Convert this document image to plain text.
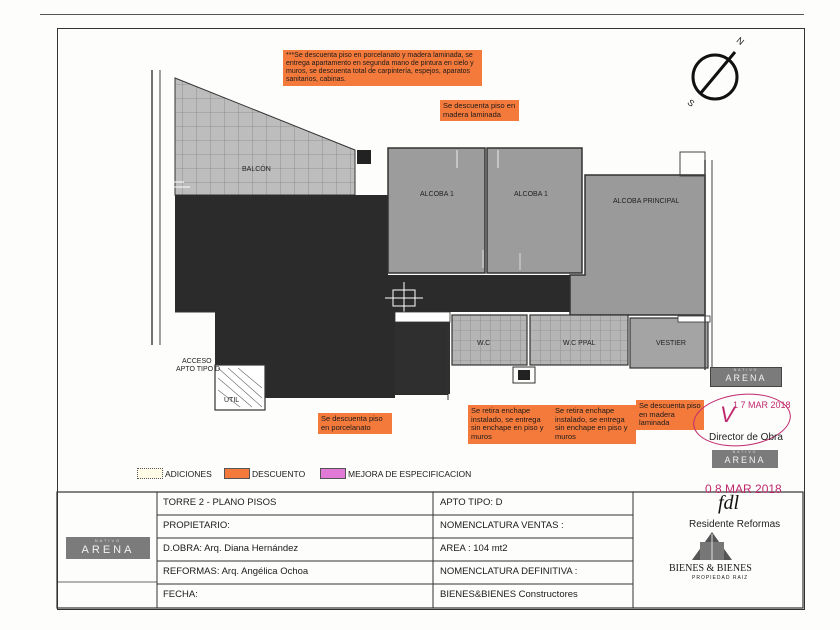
N
S
BALCÓN
ALCOBA 1	ALCOBA 1
ALCOBA PRINCIPAL
W.C	W.C PPAL	VESTIER
ACCESO
APTO TIPO D
UTIL
***Se descuenta piso en porcelanato y madera laminada, se entrega apartamento en segunda mano de pintura en cielo y muros, se descuenta total de carpintería, espejos, aparatos sanitarios, cabinas.
Se descuenta piso en madera laminada
Se descuenta piso en porcelanato
Se retira enchape instalado, se entrega sin enchape en piso y muros
Se retira enchape instalado, se entrega sin enchape en piso y muros
Se descuenta piso en madera laminada
ADICIONES	DESCUENTO	MEJORA DE ESPECIFICACION
TORRE 2 - PLANO PISOS	APTO TIPO: D
PROPIETARIO:	NOMENCLATURA VENTAS :
D.OBRA: Arq. Diana Hernández	AREA : 104 mt2
REFORMAS: Arq. Angélica Ochoa	NOMENCLATURA DEFINITIVA :
FECHA:	BIENES&BIENES Constructores
NATIVO
ARENA
BIENES & BIENES
PROPIEDAD RAIZ
NATIVO
ARENA
1 7 MAR 2018
V
Director de Obra
NATIVO
ARENA
0 8 MAR 2018
fdl
Residente Reformas
